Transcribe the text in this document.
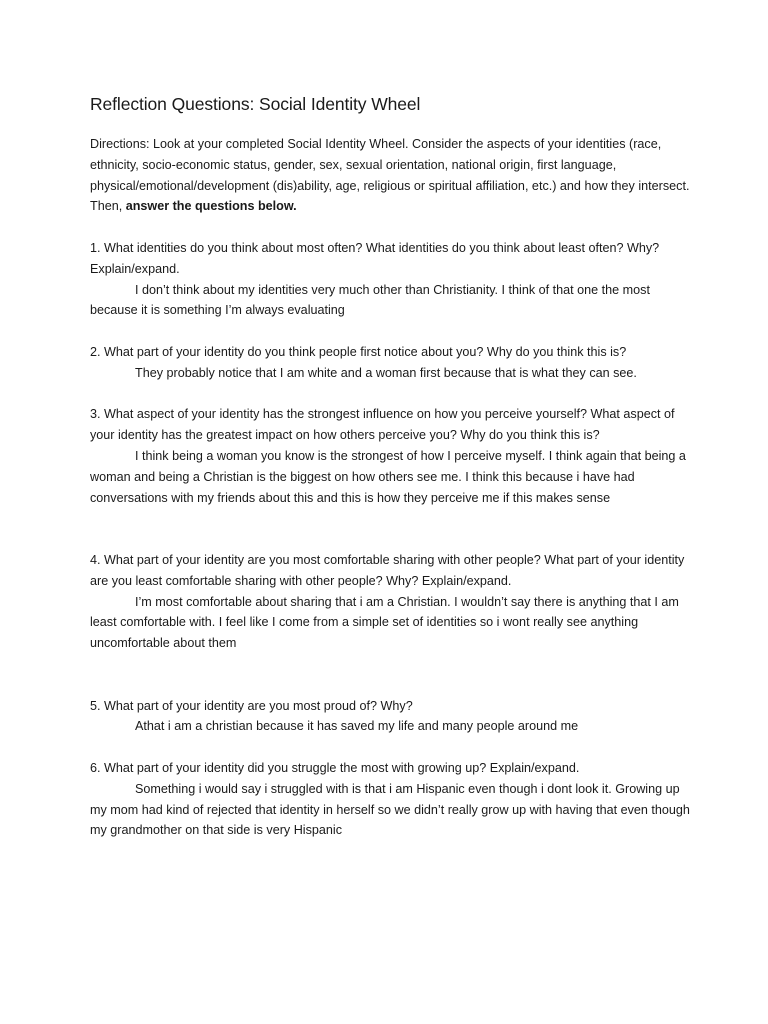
Reflection Questions: Social Identity Wheel

Directions: Look at your completed Social Identity Wheel. Consider the aspects of your identities (race, ethnicity, socio-economic status, gender, sex, sexual orientation, national origin, first language, physical/emotional/development (dis)ability, age, religious or spiritual affiliation, etc.) and how they intersect. Then, answer the questions below.

1. What identities do you think about most often? What identities do you think about least often? Why? Explain/expand.

I don’t think about my identities very much other than Christianity. I think of that one the most because it is something I’m always evaluating

2. What part of your identity do you think people first notice about you? Why do you think this is?

They probably notice that I am white and a woman first because that is what they can see.

3. What aspect of your identity has the strongest influence on how you perceive yourself? What aspect of your identity has the greatest impact on how others perceive you? Why do you think this is?

I think being a woman you know is the strongest of how I perceive myself. I think again that being a woman and being a Christian is the biggest on how others see me. I think this because i have had conversations with my friends about this and this is how they perceive me if this makes sense

4. What part of your identity are you most comfortable sharing with other people? What part of your identity are you least comfortable sharing with other people? Why? Explain/expand.

I’m most comfortable about sharing that i am a Christian. I wouldn’t say there is anything that I am least comfortable with. I feel like I come from a simple set of identities so i wont really see anything uncomfortable about them

5. What part of your identity are you most proud of? Why?

Athat i am a christian because it has saved my life and many people around me

6. What part of your identity did you struggle the most with growing up? Explain/expand.

Something i would say i struggled with is that i am Hispanic even though i dont look it. Growing up my mom had kind of rejected that identity in herself so we didn’t really grow up with having that even though my grandmother on that side is very Hispanic
